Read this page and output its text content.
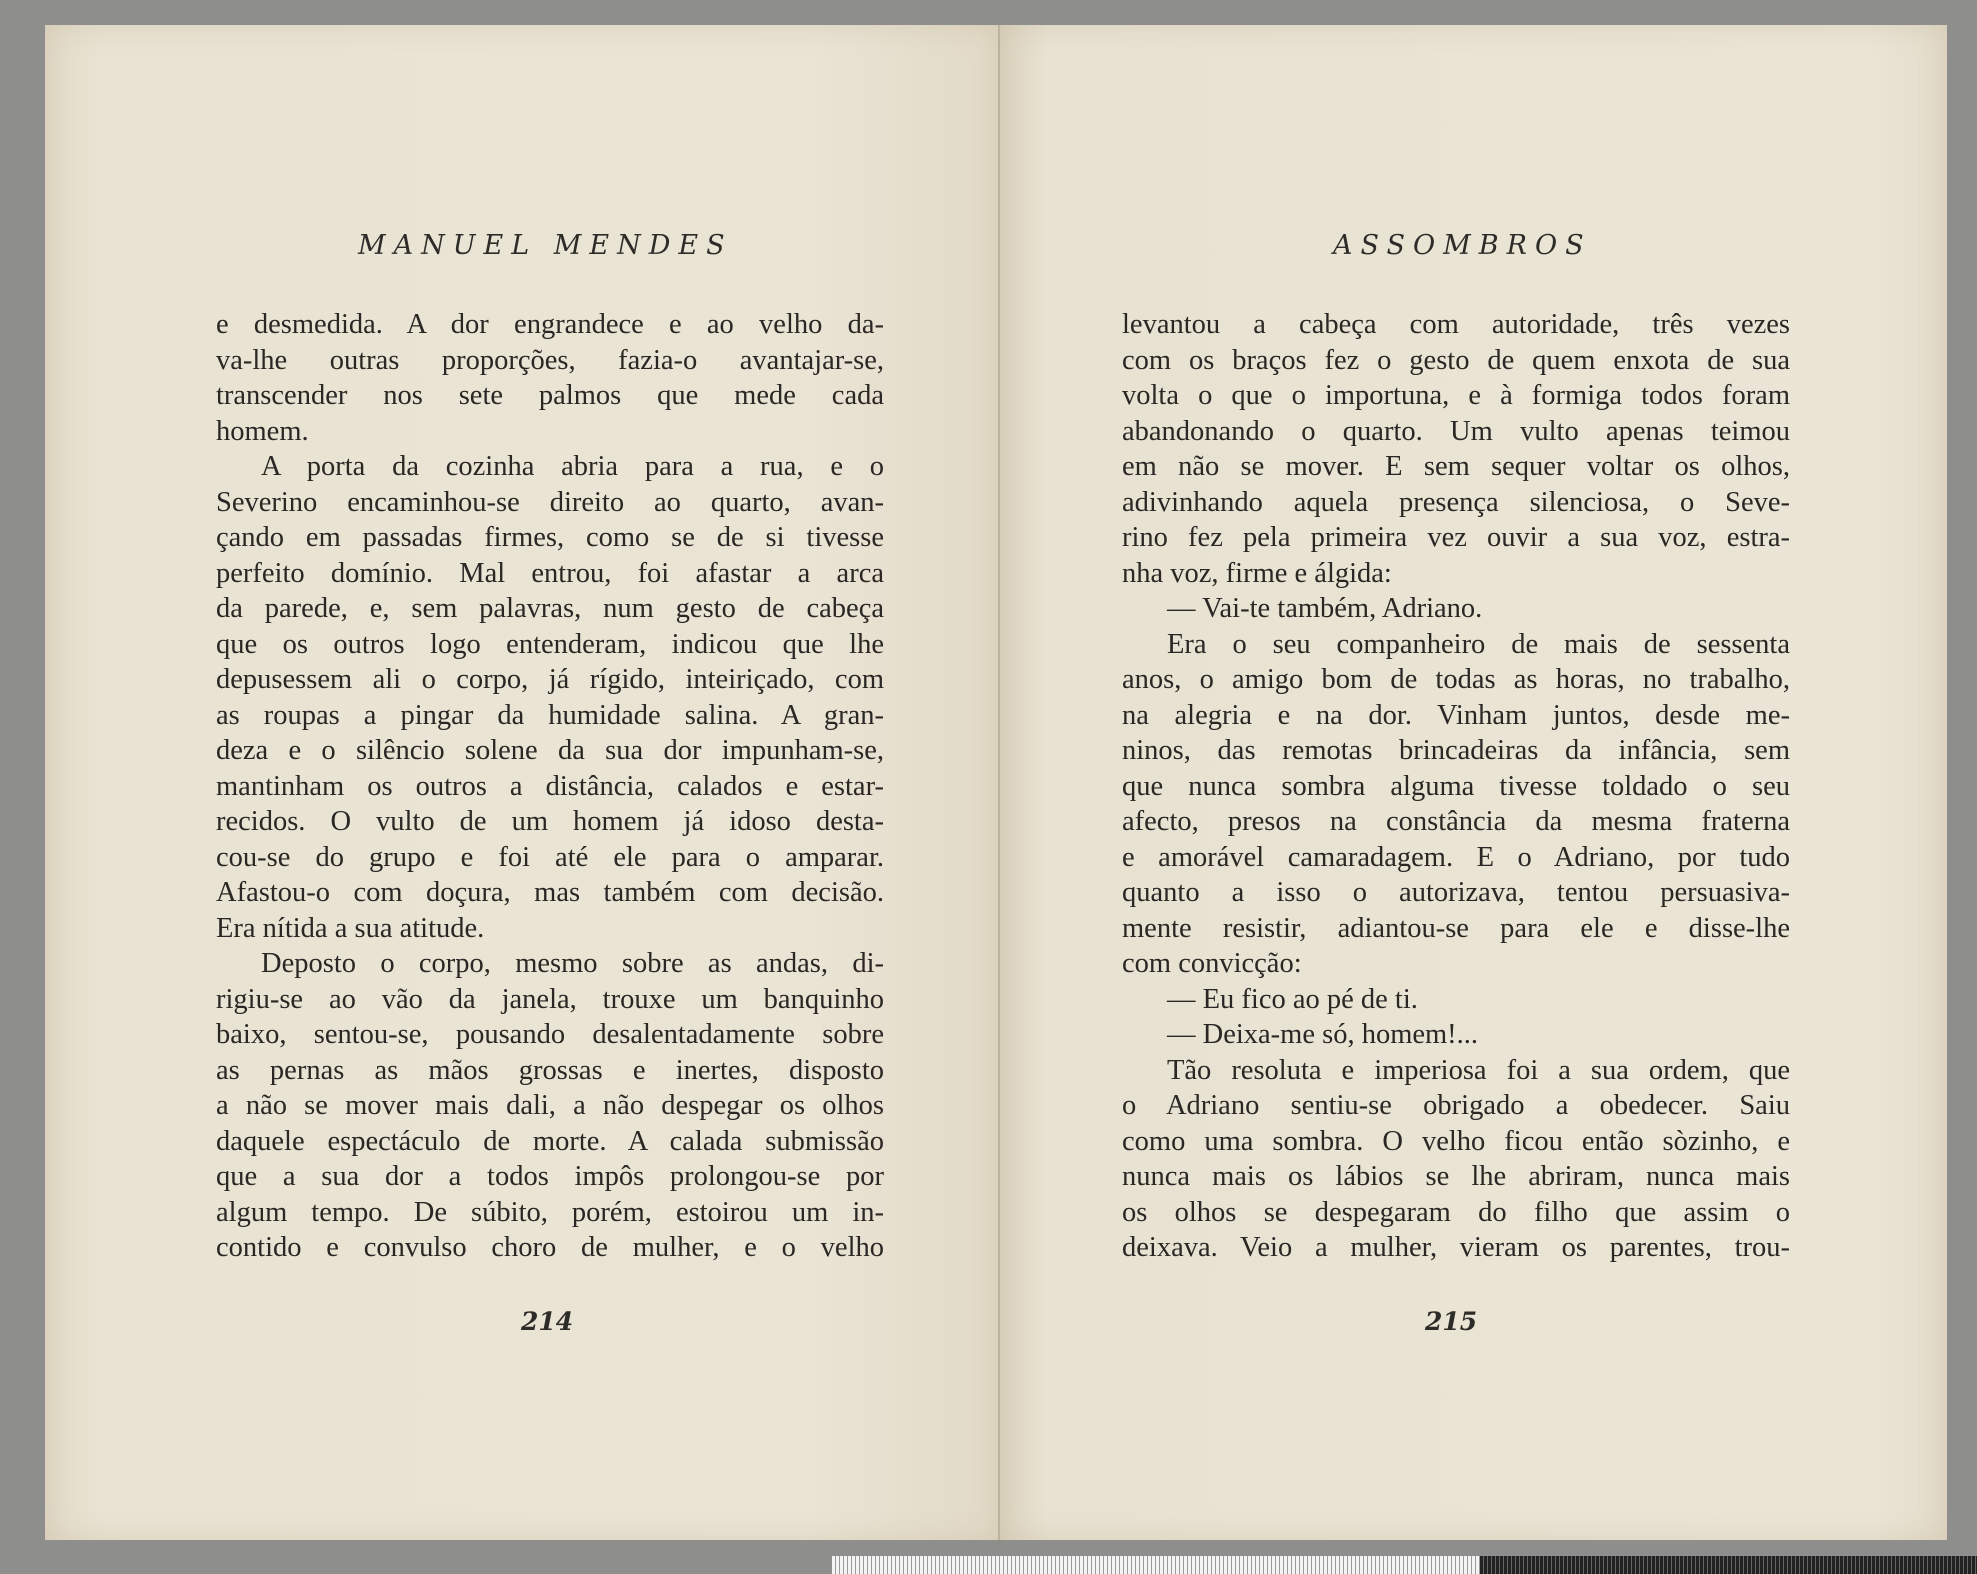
MANUEL MENDES

e desmedida. A dor engrandece e ao velho da-

va-lhe outras proporções, fazia-o avantajar-se,

transcender nos sete palmos que mede cada

homem.

A porta da cozinha abria para a rua, e o

Severino encaminhou-se direito ao quarto, avan-

çando em passadas firmes, como se de si tivesse

perfeito domínio. Mal entrou, foi afastar a arca

da parede, e, sem palavras, num gesto de cabeça

que os outros logo entenderam, indicou que lhe

depusessem ali o corpo, já rígido, inteiriçado, com

as roupas a pingar da humidade salina. A gran-

deza e o silêncio solene da sua dor impunham-se,

mantinham os outros a distância, calados e estar-

recidos. O vulto de um homem já idoso desta-

cou-se do grupo e foi até ele para o amparar.

Afastou-o com doçura, mas também com decisão.

Era nítida a sua atitude.

Deposto o corpo, mesmo sobre as andas, di-

rigiu-se ao vão da janela, trouxe um banquinho

baixo, sentou-se, pousando desalentadamente sobre

as pernas as mãos grossas e inertes, disposto

a não se mover mais dali, a não despegar os olhos

daquele espectáculo de morte. A calada submissão

que a sua dor a todos impôs prolongou-se por

algum tempo. De súbito, porém, estoirou um in-

contido e convulso choro de mulher, e o velho

214
ASSOMBROS

levantou a cabeça com autoridade, três vezes

com os braços fez o gesto de quem enxota de sua

volta o que o importuna, e à formiga todos foram

abandonando o quarto. Um vulto apenas teimou

em não se mover. E sem sequer voltar os olhos,

adivinhando aquela presença silenciosa, o Seve-

rino fez pela primeira vez ouvir a sua voz, estra-

nha voz, firme e álgida:

— Vai-te também, Adriano.

Era o seu companheiro de mais de sessenta

anos, o amigo bom de todas as horas, no trabalho,

na alegria e na dor. Vinham juntos, desde me-

ninos, das remotas brincadeiras da infância, sem

que nunca sombra alguma tivesse toldado o seu

afecto, presos na constância da mesma fraterna

e amorável camaradagem. E o Adriano, por tudo

quanto a isso o autorizava, tentou persuasiva-

mente resistir, adiantou-se para ele e disse-lhe

com convicção:

— Eu fico ao pé de ti.

— Deixa-me só, homem!...

Tão resoluta e imperiosa foi a sua ordem, que

o Adriano sentiu-se obrigado a obedecer. Saiu

como uma sombra. O velho ficou então sòzinho, e

nunca mais os lábios se lhe abriram, nunca mais

os olhos se despegaram do filho que assim o

deixava. Veio a mulher, vieram os parentes, trou-

215
